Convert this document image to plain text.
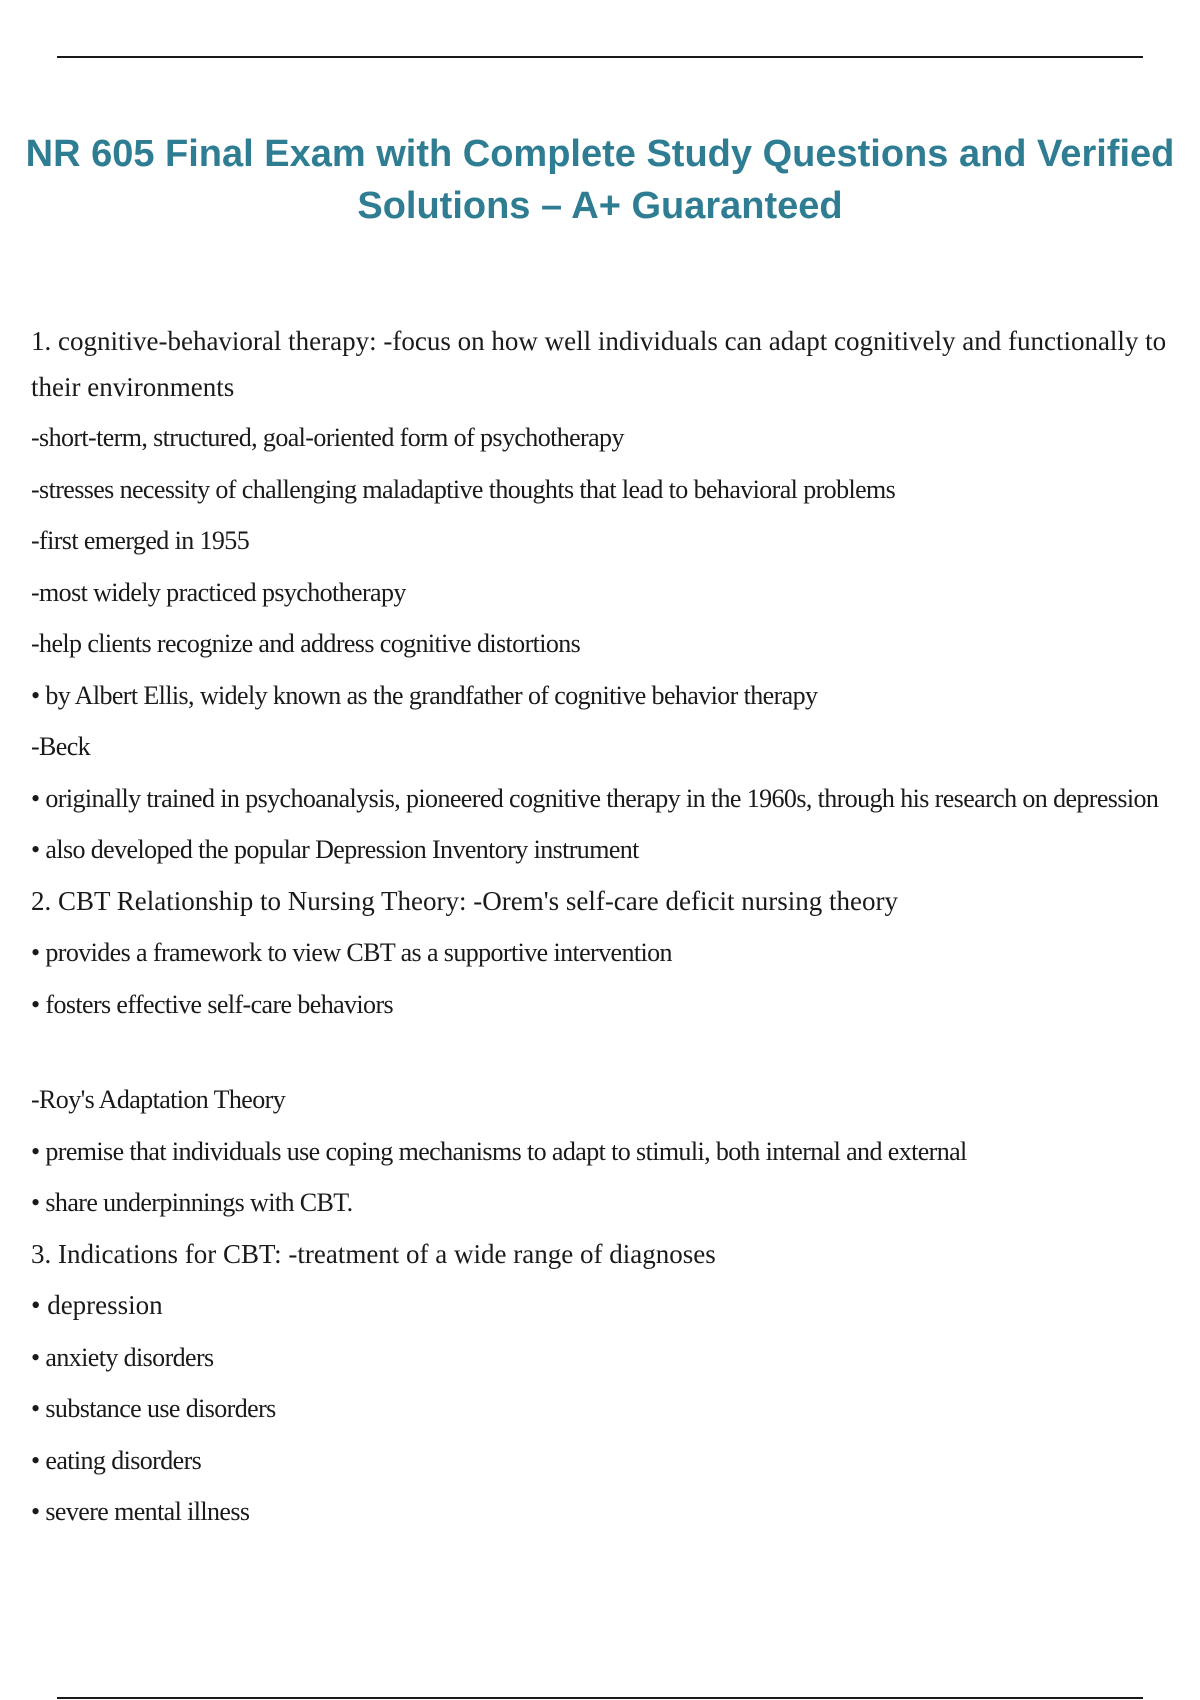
NR 605 Final Exam with Complete Study Questions and Verified
Solutions – A+ Guaranteed

1. cognitive-behavioral therapy: -focus on how well individuals can adapt cognitively and functionally to their environments

-short-term, structured, goal-oriented form of psychotherapy

-stresses necessity of challenging maladaptive thoughts that lead to behavioral problems

-first emerged in 1955

-most widely practiced psychotherapy

-help clients recognize and address cognitive distortions

• by Albert Ellis, widely known as the grandfather of cognitive behavior therapy

-Beck

• originally trained in psychoanalysis, pioneered cognitive therapy in the 1960s, through his research on depression

• also developed the popular Depression Inventory instrument

2. CBT Relationship to Nursing Theory: -Orem's self-care deficit nursing theory

• provides a framework to view CBT as a supportive intervention

• fosters effective self-care behaviors

-Roy's Adaptation Theory

• premise that individuals use coping mechanisms to adapt to stimuli, both internal and external

• share underpinnings with CBT.

3. Indications for CBT: -treatment of a wide range of diagnoses

• depression

• anxiety disorders

• substance use disorders

• eating disorders

• severe mental illness
